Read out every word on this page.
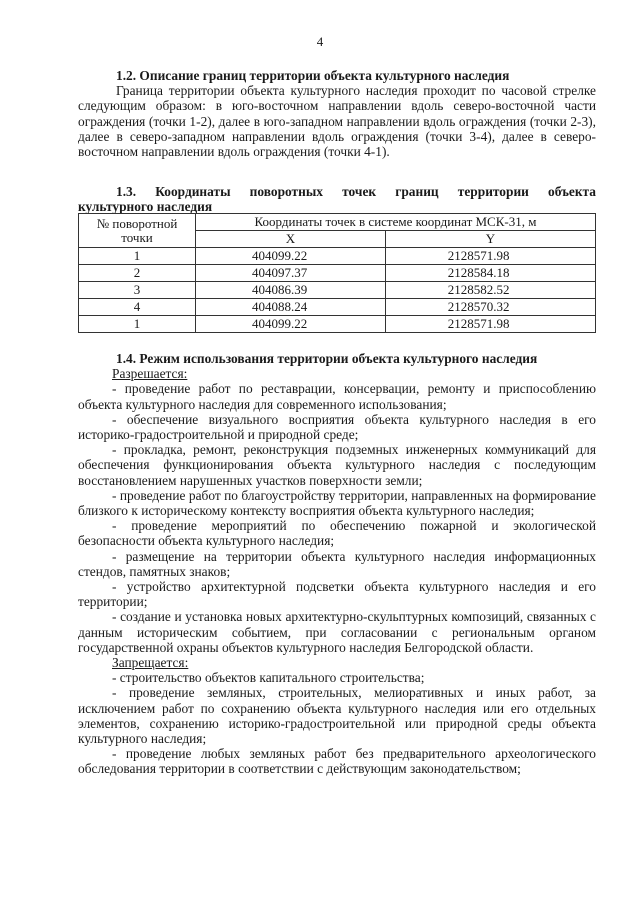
4

1.2. Описание границ территории объекта культурного наследия

Граница территории объекта культурного наследия проходит по часовой стрелке следующим образом: в юго-восточном направлении вдоль северо-восточной части ограждения (точки 1-2), далее в юго-западном направлении вдоль ограждения (точки 2-3), далее в северо-западном направлении вдоль ограждения (точки 3-4), далее в северо-восточном направлении вдоль ограждения (точки 4-1).

1.3. Координаты поворотных точек границ территории объекта

культурного наследия

№ поворотной точки	Координаты точек в системе координат МСК-31, м	
	X	Y
1	404099.22	2128571.98
2	404097.37	2128584.18
3	404086.39	2128582.52
4	404088.24	2128570.32
1	404099.22	2128571.98

1.4. Режим использования территории объекта культурного наследия

Разрешается:

- проведение работ по реставрации, консервации, ремонту и приспособлению объекта культурного наследия для современного использования;

- обеспечение визуального восприятия объекта культурного наследия в его историко-градостроительной и природной среде;

- прокладка, ремонт, реконструкция подземных инженерных коммуникаций для обеспечения функционирования объекта культурного наследия с последующим восстановлением нарушенных участков поверхности земли;

- проведение работ по благоустройству территории, направленных на формирование близкого к историческому контексту восприятия объекта культурного наследия;

- проведение мероприятий по обеспечению пожарной и экологической безопасности объекта культурного наследия;

- размещение на территории объекта культурного наследия информационных стендов, памятных знаков;

- устройство архитектурной подсветки объекта культурного наследия и его территории;

- создание и установка новых архитектурно-скульптурных композиций, связанных с данным историческим событием, при согласовании с региональным органом государственной охраны объектов культурного наследия Белгородской области.

Запрещается:

- строительство объектов капитального строительства;

- проведение земляных, строительных, мелиоративных и иных работ, за исключением работ по сохранению объекта культурного наследия или его отдельных элементов, сохранению историко-градостроительной или природной среды объекта культурного наследия;

- проведение любых земляных работ без предварительного археологического обследования территории в соответствии с действующим законодательством;
